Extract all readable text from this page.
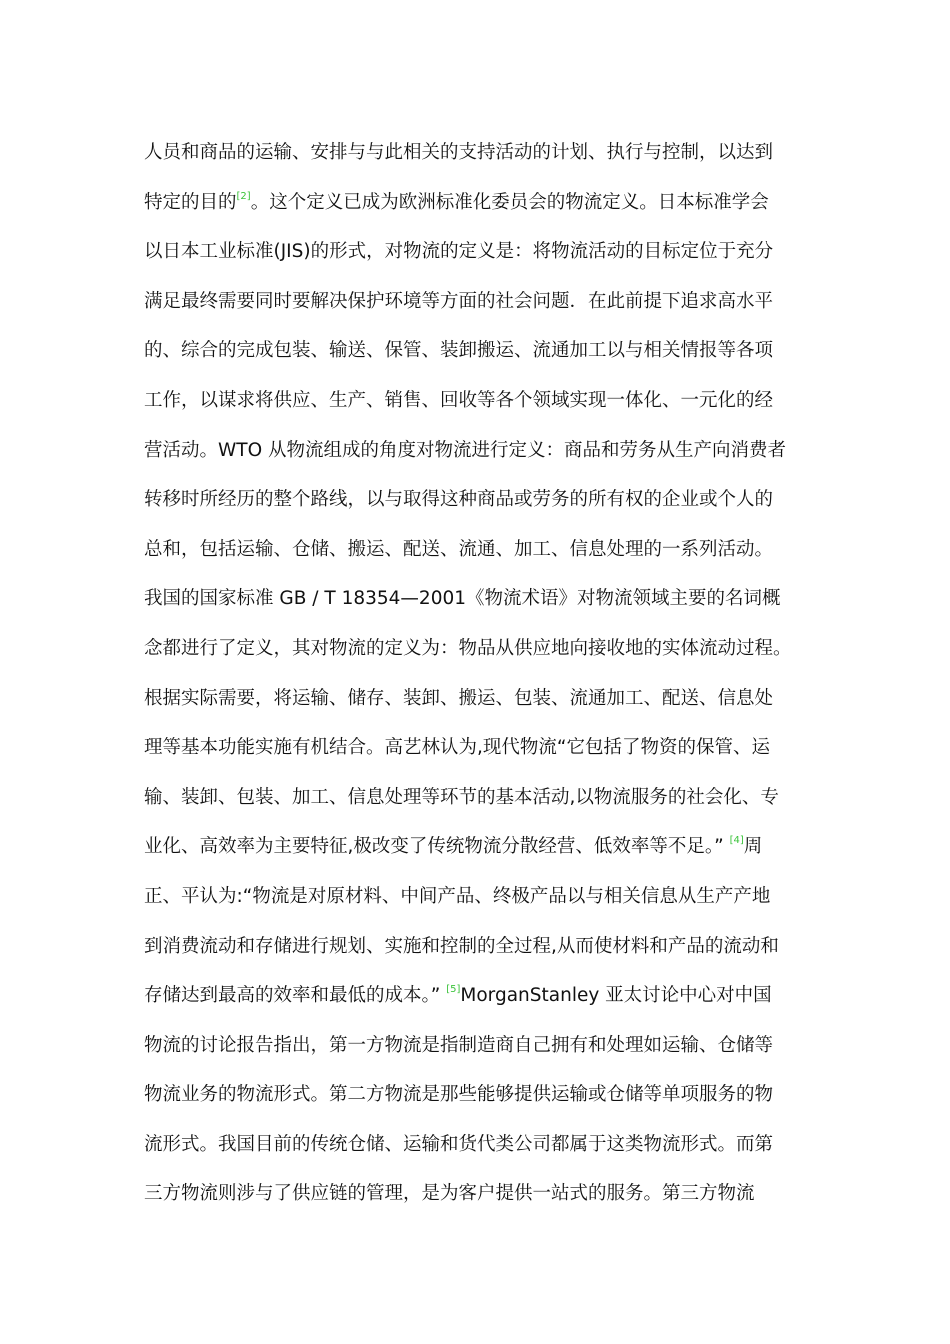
人员和商品的运输、安排与与此相关的支持活动的计划、执行与控制，以达到
特定的目的[2]。这个定义已成为欧洲标准化委员会的物流定义。日本标准学会
以日本工业标准(JIS)的形式，对物流的定义是：将物流活动的目标定位于充分
满足最终需要同时要解决保护环境等方面的社会问题．在此前提下追求高水平
的、综合的完成包装、输送、保管、装卸搬运、流通加工以与相关情报等各项
工作，以谋求将供应、生产、销售、回收等各个领域实现一体化、一元化的经
营活动。WTO 从物流组成的角度对物流进行定义：商品和劳务从生产向消费者
转移时所经历的整个路线，以与取得这种商品或劳务的所有权的企业或个人的
总和，包括运输、仓储、搬运、配送、流通、加工、信息处理的一系列活动。
我国的国家标准 GB / T 18354—2001《物流术语》对物流领域主要的名词概
念都进行了定义，其对物流的定义为：物品从供应地向接收地的实体流动过程。
根据实际需要，将运输、储存、装卸、搬运、包装、流通加工、配送、信息处
理等基本功能实施有机结合。高艺林认为,现代物流“它包括了物资的保管、运
输、装卸、包装、加工、信息处理等环节的基本活动,以物流服务的社会化、专
业化、高效率为主要特征,极改变了传统物流分散经营、低效率等不足。” [4]周
正、平认为:“物流是对原材料、中间产品、终极产品以与相关信息从生产产地
到消费流动和存储进行规划、实施和控制的全过程,从而使材料和产品的流动和
存储达到最高的效率和最低的成本。” [5]MorganStanley 亚太讨论中心对中国
物流的讨论报告指出，第一方物流是指制造商自己拥有和处理如运输、仓储等
物流业务的物流形式。第二方物流是那些能够提供运输或仓储等单项服务的物
流形式。我国目前的传统仓储、运输和货代类公司都属于这类物流形式。而第
三方物流则涉与了供应链的管理，是为客户提供一站式的服务。第三方物流
